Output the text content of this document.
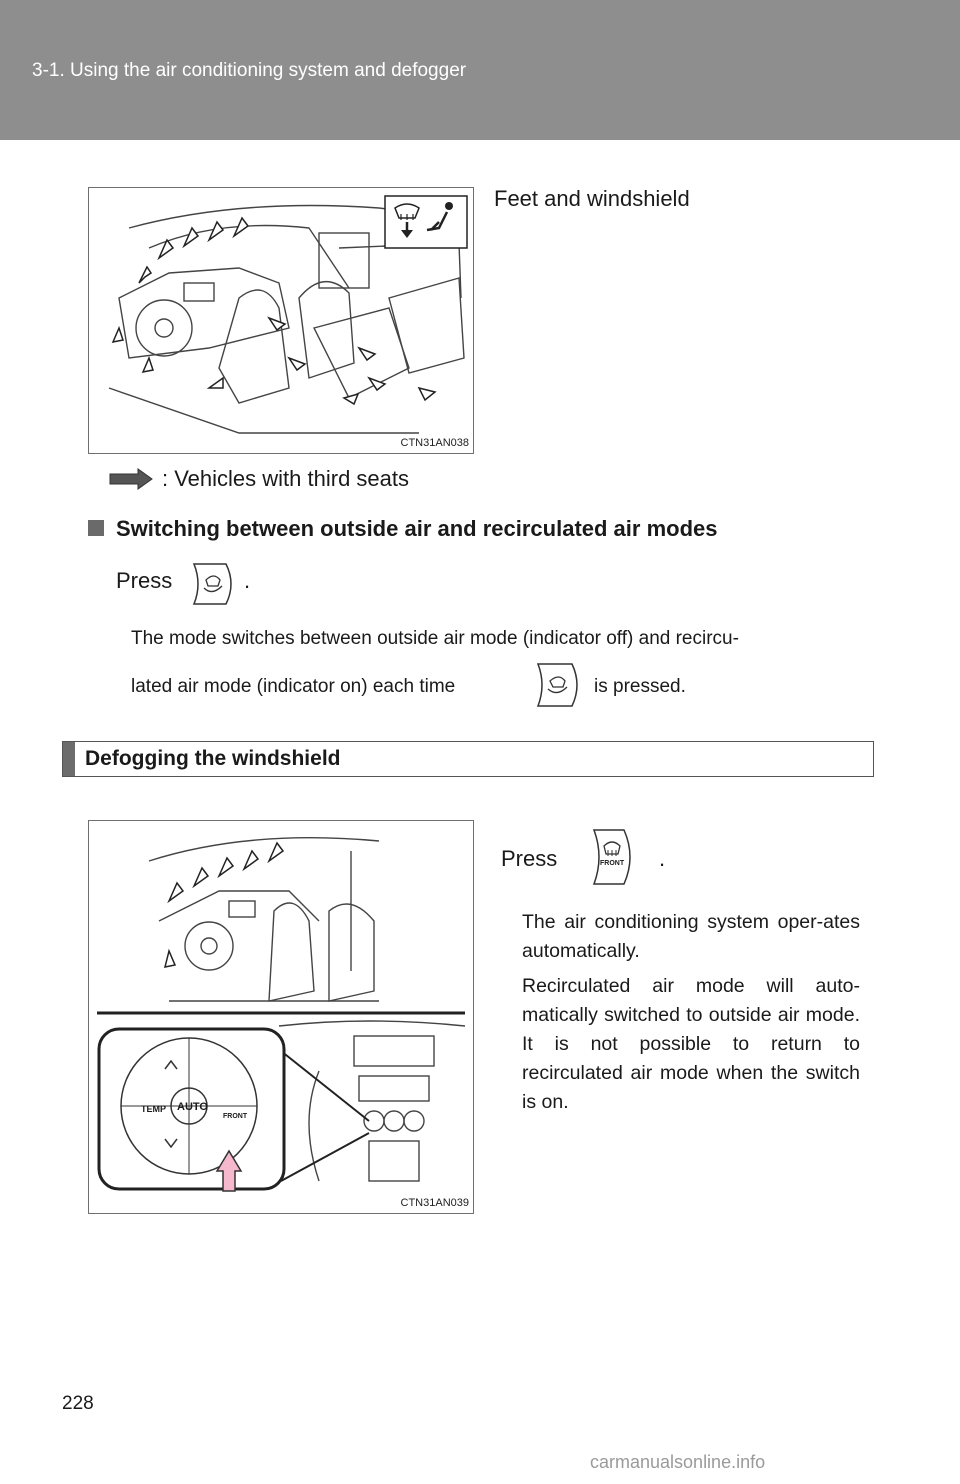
3-1. Using the air conditioning system and defogger
CTN31AN038
Feet and windshield
: Vehicles with third seats
Switching between outside air and recirculated air modes
Press	.
The mode switches between outside air mode (indicator off) and recircu-
lated air mode (indicator on) each time	is pressed.
Defogging the windshield
TEMP AUTO
FRONT
CTN31AN039
Press	FRONT .
The air conditioning system oper-ates automatically.
Recirculated air mode will auto-matically switched to outside air mode. It is not possible to return to recirculated air mode when the switch is on.
228
carmanualsonline.info
